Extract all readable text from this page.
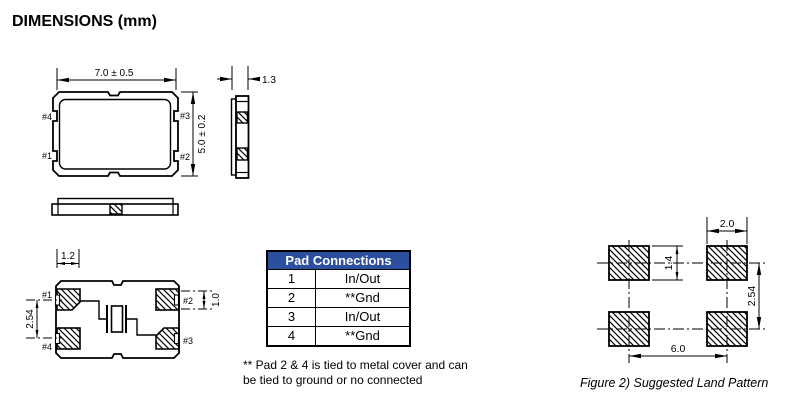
DIMENSIONS (mm)
7.0 ± 0.5
5.0 ± 0.2
#4
#1
#3
#2
1.3
1.2
2.54
1.0
#1
#2
#3
#4
2.0
1.4
2.54
6.0
Pad Connections
1	In/Out
2	**Gnd
3	In/Out
4	**Gnd
** Pad 2 & 4 is tied to metal cover and can
be tied to ground or no connected	Figure 2) Suggested Land Pattern
